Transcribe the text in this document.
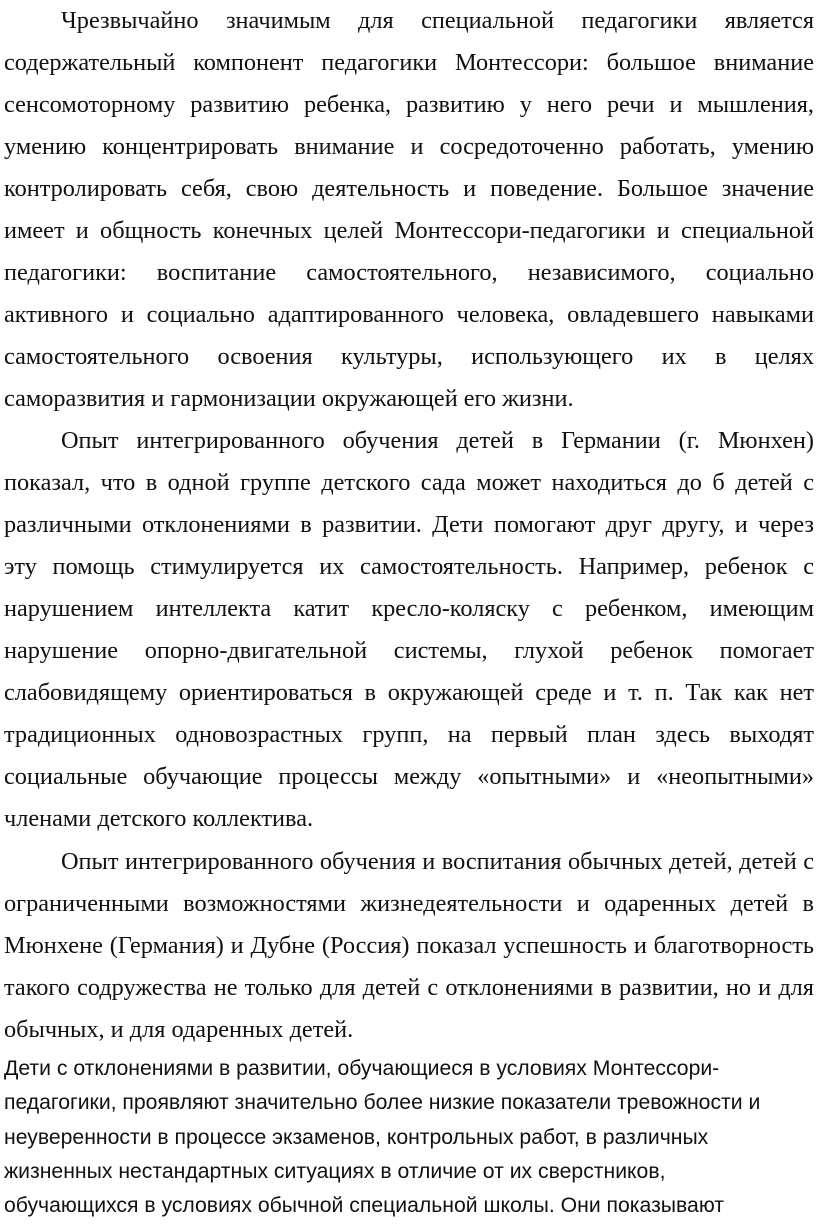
Чрезвычайно значимым для специальной педагогики является содержательный компонент педагогики Монтессори: большое внимание сенсомоторному развитию ребенка, развитию у него речи и мышления, умению концентрировать внимание и сосредоточенно работать, умению контролировать себя, свою деятельность и поведение. Большое значение имеет и общность конечных целей Монтессори-педагогики и специальной педагогики: воспитание самостоятельного, независимого, социально активного и социально адаптированного человека, овладевшего навыками самостоятельного освоения культуры, использующего их в целях саморазвития и гармонизации окружающей его жизни.

Опыт интегрированного обучения детей в Германии (г. Мюнхен) показал, что в одной группе детского сада может находиться до б детей с различными отклонениями в развитии. Дети помогают друг другу, и через эту помощь стимулируется их самостоятельность. Например, ребенок с нарушением интеллекта катит кресло-коляску с ребенком, имеющим нарушение опорно-двигательной системы, глухой ребенок помогает слабовидящему ориентироваться в окружающей среде и т. п. Так как нет традиционных одновозрастных групп, на первый план здесь выходят социальные обучающие процессы между «опытными» и «неопытными» членами детского коллектива.

Опыт интегрированного обучения и воспитания обычных детей, детей с ограниченными возможностями жизнедеятельности и одаренных детей в Мюнхене (Германия) и Дубне (Россия) показал успешность и благотворность такого содружества не только для детей с отклонениями в развитии, но и для обычных, и для одаренных детей.

Дети с отклонениями в развитии, обучающиеся в условиях Монтессори-
педагогики, проявляют значительно более низкие показатели тревожности и
неуверенности в процессе экзаменов, контрольных работ, в различных
жизненных нестандартных ситуациях в отличие от их сверстников,
обучающихся в условиях обычной специальной школы. Они показывают
